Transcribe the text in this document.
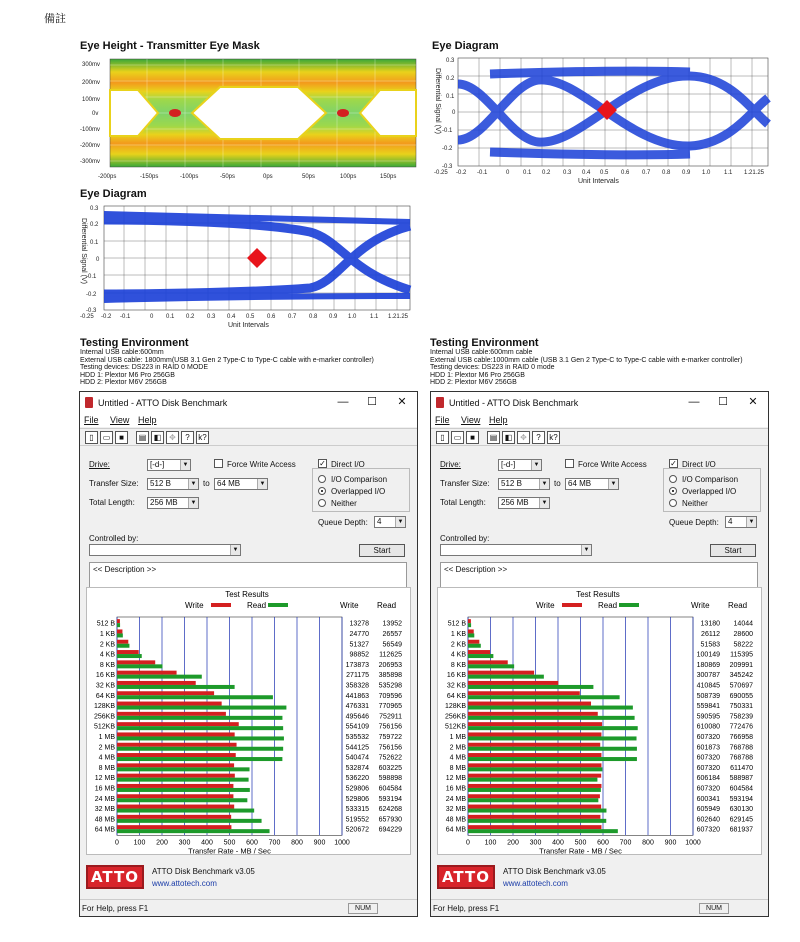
備註
Eye Height - Transmitter Eye Mask
300mv
200mv
100mv
0v
-100mv
-200mv
-300mv
-200ps	-150ps	-100ps	-50ps	0ps	50ps	100ps	150ps
Eye Diagram
0.3
0.2
0.1
0
-0.1
-0.2
-0.3
-0.25 -0.2 -0.1	0 0.1 0.2 0.3 0.4 0.5 0.6 0.7 0.8 0.9 1.0 1.1 1.21.25
Unit Intervals
Differential Signal (V)
Eye Diagram
0.3
0.2
0.1
0
-0.1
-0.2
-0.3
-0.25 -0.2 -0.1	0 0.1 0.2 0.3 0.4 0.5 0.6 0.7 0.8 0.9 1.0 1.1 1.21.25
Unit Intervals
Differential Signal (V)
Testing Environment
Internal USB cable:600mm
External USB cable: 1800mm(USB 3.1 Gen 2 Type-C to Type-C cable with e-marker controller)
Testing devices: DS223 in RAID 0 MODE
HDD 1: Plextor M6 Pro 256GB
HDD 2: Plextor M6V 256GB
Testing Environment
Internal USB cable:600mm cable
External USB cable:1000mm cable (USB 3.1 Gen 2 Type-C to Type-C cable with e-marker controller)
Testing devices: DS223 in RAID 0 mode
HDD 1: Plextor M6 Pro 256GB
HDD 2: Plextor M6V 256GB
Untitled - ATTO Disk Benchmark	—	☐	✕
File View Help
▯	▭	■	▤ ◧ ✥	?	k?
Drive:	[-d-]	▼	Force Write Access	✓ Direct I/O
Transfer Size:	512 B	▼ to 64 MB	▼
Total Length:	256 MB	▼
I/O Comparison
Overlapped I/O
Neither
Queue Depth:	4	▼
Controlled by:
▼	Start
<< Description >>
Test Results
Write	Read	Write Read
0 100 200 300 400 500 600 700 800 900 1000
Transfer Rate - MB / Sec
512 B	13278 13952
1 KB	24770 26557
2 KB	51327 56549
4 KB	98852 112625
8 KB	173873 206953
16 KB	271175 385898
32 KB	358328 535298
64 KB	441863 709596
128KB	476331 770965
256KB	495646 752911
512KB	554109 756156
1 MB	535532 759722
2 MB	544125 756156
4 MB	540474 752622
8 MB	532874 603225
12 MB	536220 598898
16 MB	529806 604584
24 MB	529806 593194
32 MB	533315 624268
48 MB	519552 657930
64 MB	520672 694229
ATTO	ATTO Disk Benchmark v3.05
www.attotech.com
For Help, press F1	NUM
Untitled - ATTO Disk Benchmark	—	☐	✕
File View Help
▯	▭	■	▤ ◧ ✥	?	k?
Drive:	[-d-]	▼	Force Write Access	✓ Direct I/O
Transfer Size:	512 B	▼ to 64 MB	▼
Total Length:	256 MB	▼
I/O Comparison
Overlapped I/O
Neither
Queue Depth:	4	▼
Controlled by:
▼	Start
<< Description >>
Test Results
Write	Read	Write Read
0 100 200 300 400 500 600 700 800 900 1000
Transfer Rate - MB / Sec
512 B	13180 14044
1 KB	26112 28600
2 KB	51583 58222
4 KB	100149 115395
8 KB	180869 209991
16 KB	300787 345242
32 KB	410845 570697
64 KB	508739 690055
128KB	559841 750331
256KB	590595 758239
512KB	610080 772476
1 MB	607320 766958
2 MB	601873 768788
4 MB	607320 768788
8 MB	607320 611470
12 MB	606184 588987
16 MB	607320 604584
24 MB	600341 593194
32 MB	605949 630130
48 MB	602640 629145
64 MB	607320 681937
ATTO	ATTO Disk Benchmark v3.05
www.attotech.com
For Help, press F1	NUM
